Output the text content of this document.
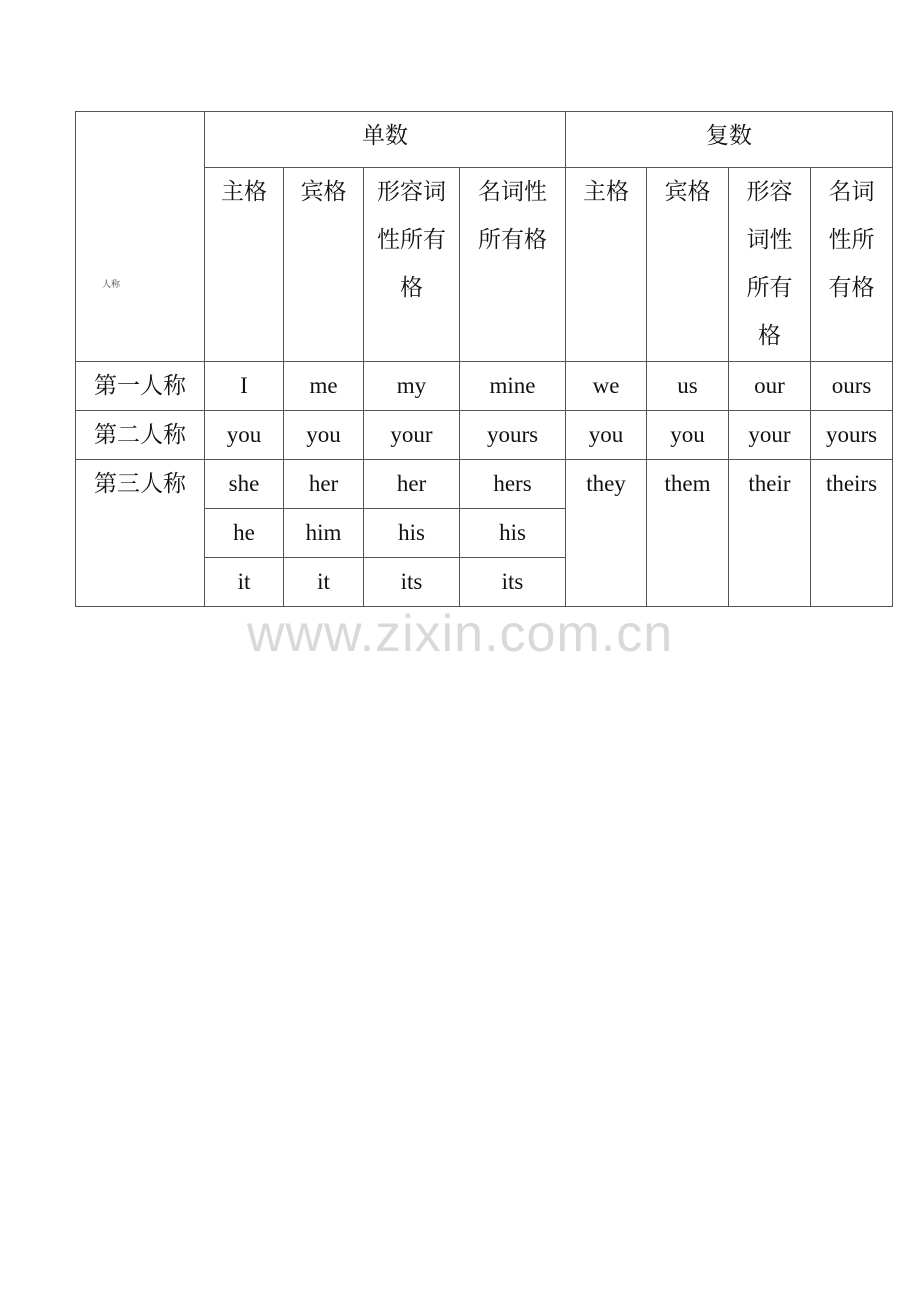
人称	单数				复数			
	主格	宾格	形容词性所有格	名词性所有格	主格	宾格	形容词性所有格	名词性所有格
第一人称	I	me	my	mine	we	us	our	ours
第二人称	you	you	your	yours	you	you	your	yours
第三人称	she	her	her	hers	they	them	their	theirs
	he	him	his	his				
	it	it	its	its				
www.zixin.com.cn
